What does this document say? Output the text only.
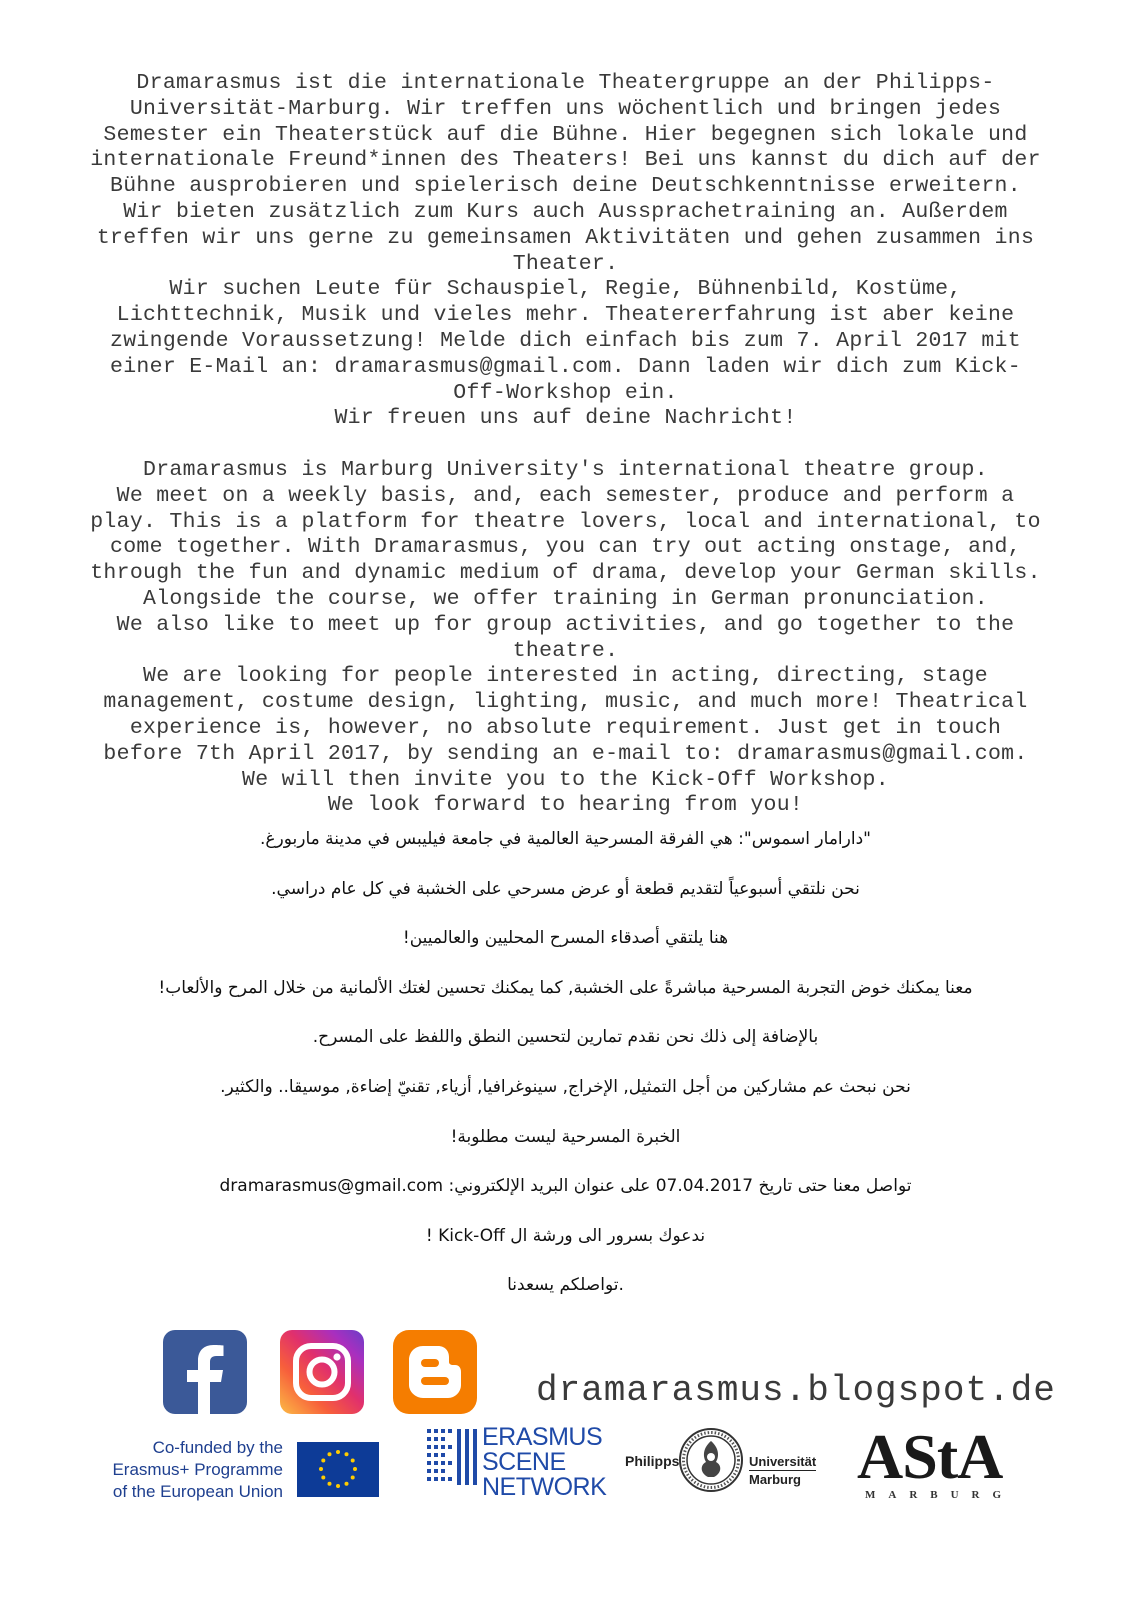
Dramarasmus ist die internationale Theatergruppe an der Philipps-

Universität-Marburg. Wir treffen uns wöchentlich und bringen jedes

Semester ein Theaterstück auf die Bühne. Hier begegnen sich lokale und

internationale Freund*innen des Theaters! Bei uns kannst du dich auf der

Bühne ausprobieren und spielerisch deine Deutschkenntnisse erweitern.

Wir bieten zusätzlich zum Kurs auch Aussprachetraining an. Außerdem

treffen wir uns gerne zu gemeinsamen Aktivitäten und gehen zusammen ins

Theater.

Wir suchen Leute für Schauspiel, Regie, Bühnenbild, Kostüme,

Lichttechnik, Musik und vieles mehr. Theatererfahrung ist aber keine

zwingende Voraussetzung! Melde dich einfach bis zum 7. April 2017 mit

einer E-Mail an: dramarasmus@gmail.com. Dann laden wir dich zum Kick-

Off-Workshop ein.

Wir freuen uns auf deine Nachricht!

Dramarasmus is Marburg University's international theatre group.

We meet on a weekly basis, and, each semester, produce and perform a

play. This is a platform for theatre lovers, local and international, to

come together. With Dramarasmus, you can try out acting onstage, and,

through the fun and dynamic medium of drama, develop your German skills.

Alongside the course, we offer training in German pronunciation.

We also like to meet up for group activities, and go together to the

theatre.

We are looking for people interested in acting, directing, stage

management, costume design, lighting, music, and much more! Theatrical

experience is, however, no absolute requirement. Just get in touch

before 7th April 2017, by sending an e-mail to: dramarasmus@gmail.com.

We will then invite you to the Kick-Off Workshop.

We look forward to hearing from you!

"دارامار اسموس": هي الفرقة المسرحية العالمية في جامعة فيليبس في مدينة ماربورغ.

نحن نلتقي أسبوعياً لتقديم قطعة أو عرض مسرحي على الخشبة في كل عام دراسي.

هنا يلتقي أصدقاء المسرح المحليين والعالميين!

معنا يمكنك خوض التجربة المسرحية مباشرةً على الخشبة, كما يمكنك تحسين لغتك الألمانية من خلال المرح والألعاب!

بالإضافة إلى ذلك نحن نقدم تمارين لتحسين النطق واللفظ على المسرح.

نحن نبحث عم مشاركين من أجل التمثيل, الإخراج, سينوغرافيا, أزياء, تقنيّ إضاءة, موسيقا.. والكثير.

الخبرة المسرحية ليست مطلوبة!

تواصل معنا حتى تاريخ 07.04.2017 على عنوان البريد الإلكتروني: dramarasmus@gmail.com

ندعوك بسرور الى ورشة ال Kick-Off !

.تواصلكم يسعدنا

dramarasmus.blogspot.de
Co-funded by the
Erasmus+ Programme
of the European Union
ERASMUS
SCENE
NETWORK
Philipps	Universität
Marburg AStA
MARBURG
